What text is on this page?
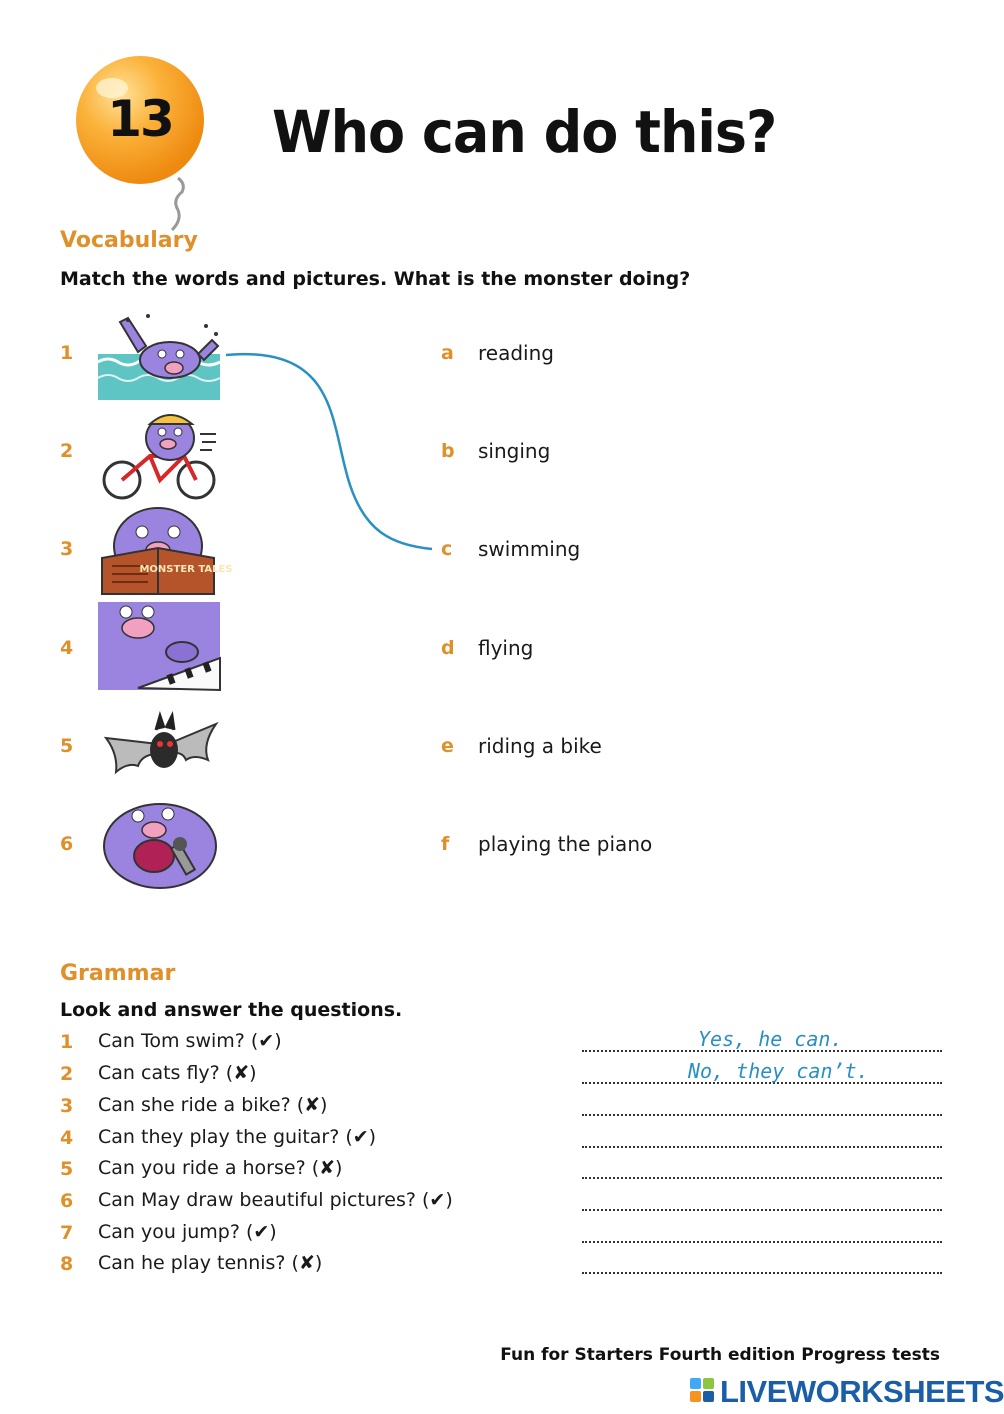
13	Who can do this?
Vocabulary
Match the words and pictures. What is the monster doing?
1
2
3
4
5
6
MONSTER TALES
a reading
b singing
c swimming
d flying
e riding a bike
f playing the piano
Grammar
Look and answer the questions.
1 Can Tom swim? (✔)	Yes, he can.
2 Can cats fly? (✘)	No, they can’t.
3 Can she ride a bike? (✘)
4 Can they play the guitar? (✔)
5 Can you ride a horse? (✘)
6 Can May draw beautiful pictures? (✔)
7 Can you jump? (✔)
8 Can he play tennis? (✘)
Fun for Starters Fourth edition Progress tests
LIVEWORKSHEETS
